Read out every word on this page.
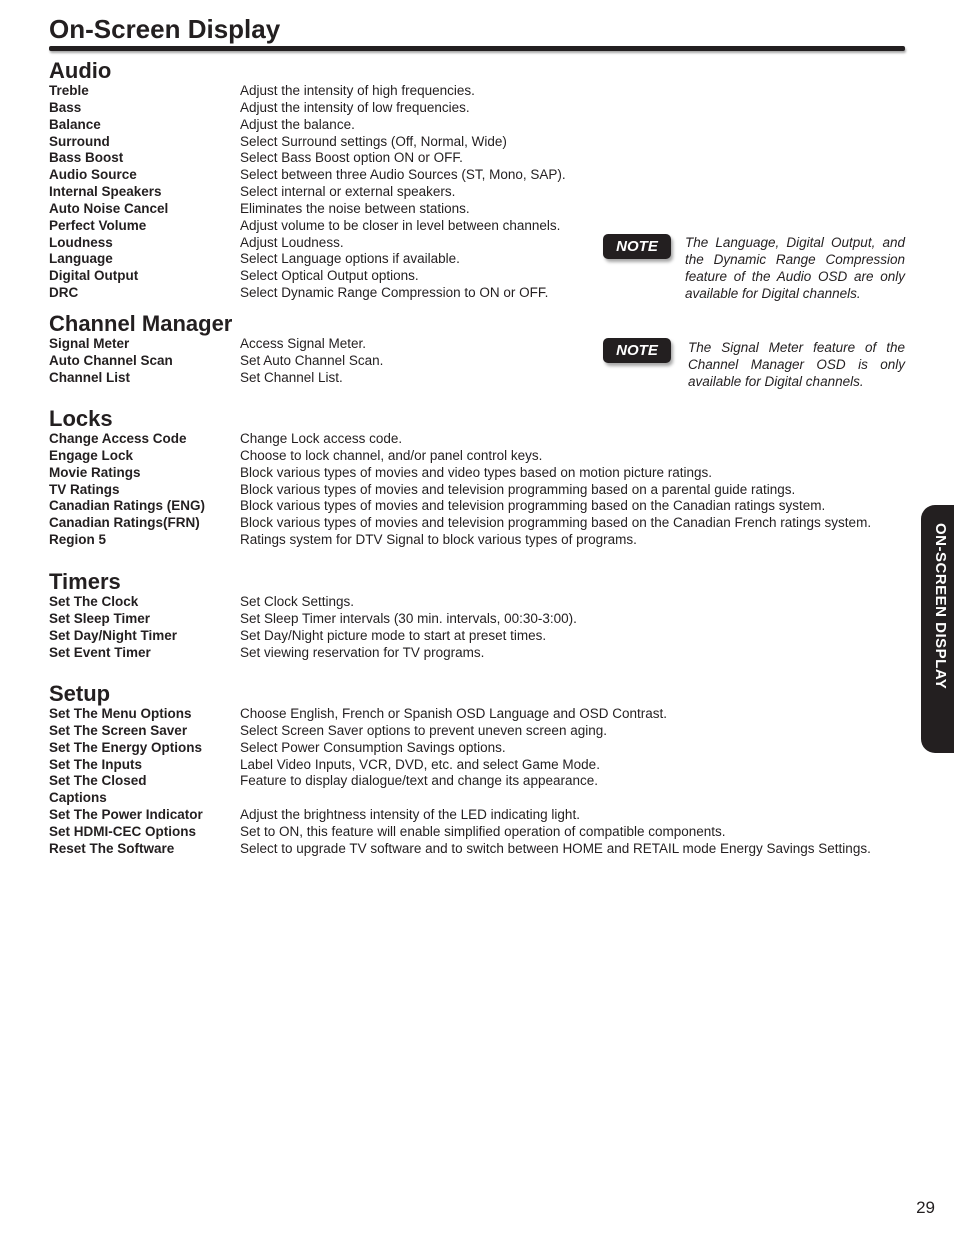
On-Screen Display
Audio
Treble	Adjust the intensity of high frequencies.
Bass	Adjust the intensity of low frequencies.
Balance	Adjust the balance.
Surround	Select Surround settings (Off, Normal, Wide)
Bass Boost	Select Bass Boost option ON or OFF.
Audio Source	Select between three Audio Sources (ST, Mono, SAP).
Internal Speakers	Select internal or external speakers.
Auto Noise Cancel	Eliminates the noise between stations.
Perfect Volume	Adjust volume to be closer in level between channels.
Loudness	Adjust Loudness.
Language	Select Language options if available.
Digital Output	Select Optical Output options.
DRC	Select Dynamic Range Compression to ON or OFF.
NOTE	The Language, Digital Output, and the Dynamic Range Compression feature of the Audio OSD are only available for Digital channels.
Channel Manager
Signal Meter	Access Signal Meter.
Auto Channel Scan	Set Auto Channel Scan.
Channel List	Set Channel List.
NOTE	The Signal Meter feature of the Channel Manager OSD is only available for Digital channels.
Locks
Change Access Code	Change Lock access code.
Engage Lock	Choose to lock channel, and/or panel control keys.
Movie Ratings	Block various types of movies and video types based on motion picture ratings.
TV Ratings	Block various types of movies and television programming based on a parental guide ratings.
Canadian Ratings (ENG)	Block various types of movies and television programming based on the Canadian ratings system.
Canadian Ratings(FRN)	Block various types of movies and television programming based on the Canadian French ratings system.
Region 5	Ratings system for DTV Signal to block various types of programs.
Timers
Set The Clock	Set Clock Settings.
Set Sleep Timer	Set Sleep Timer intervals (30 min. intervals, 00:30-3:00).
Set Day/Night Timer	Set Day/Night picture mode to start at preset times.
Set Event Timer	Set viewing reservation for TV programs.
Setup
Set The Menu Options	Choose English, French or Spanish OSD Language and OSD Contrast.
Set The Screen Saver	Select Screen Saver options to prevent uneven screen aging.
Set The Energy Options	Select Power Consumption Savings options.
Set The Inputs	Label Video Inputs, VCR, DVD, etc. and select Game Mode.
Set The Closed	Feature to display dialogue/text and change its appearance.
Captions
Set The Power Indicator	Adjust the brightness intensity of the LED indicating light.
Set HDMI-CEC Options	Set to ON, this feature will enable simplified operation of compatible components.
Reset The Software	Select to upgrade TV software and to switch between HOME and RETAIL mode Energy Savings Settings.
ON-SCREEN DISPLAY
29
